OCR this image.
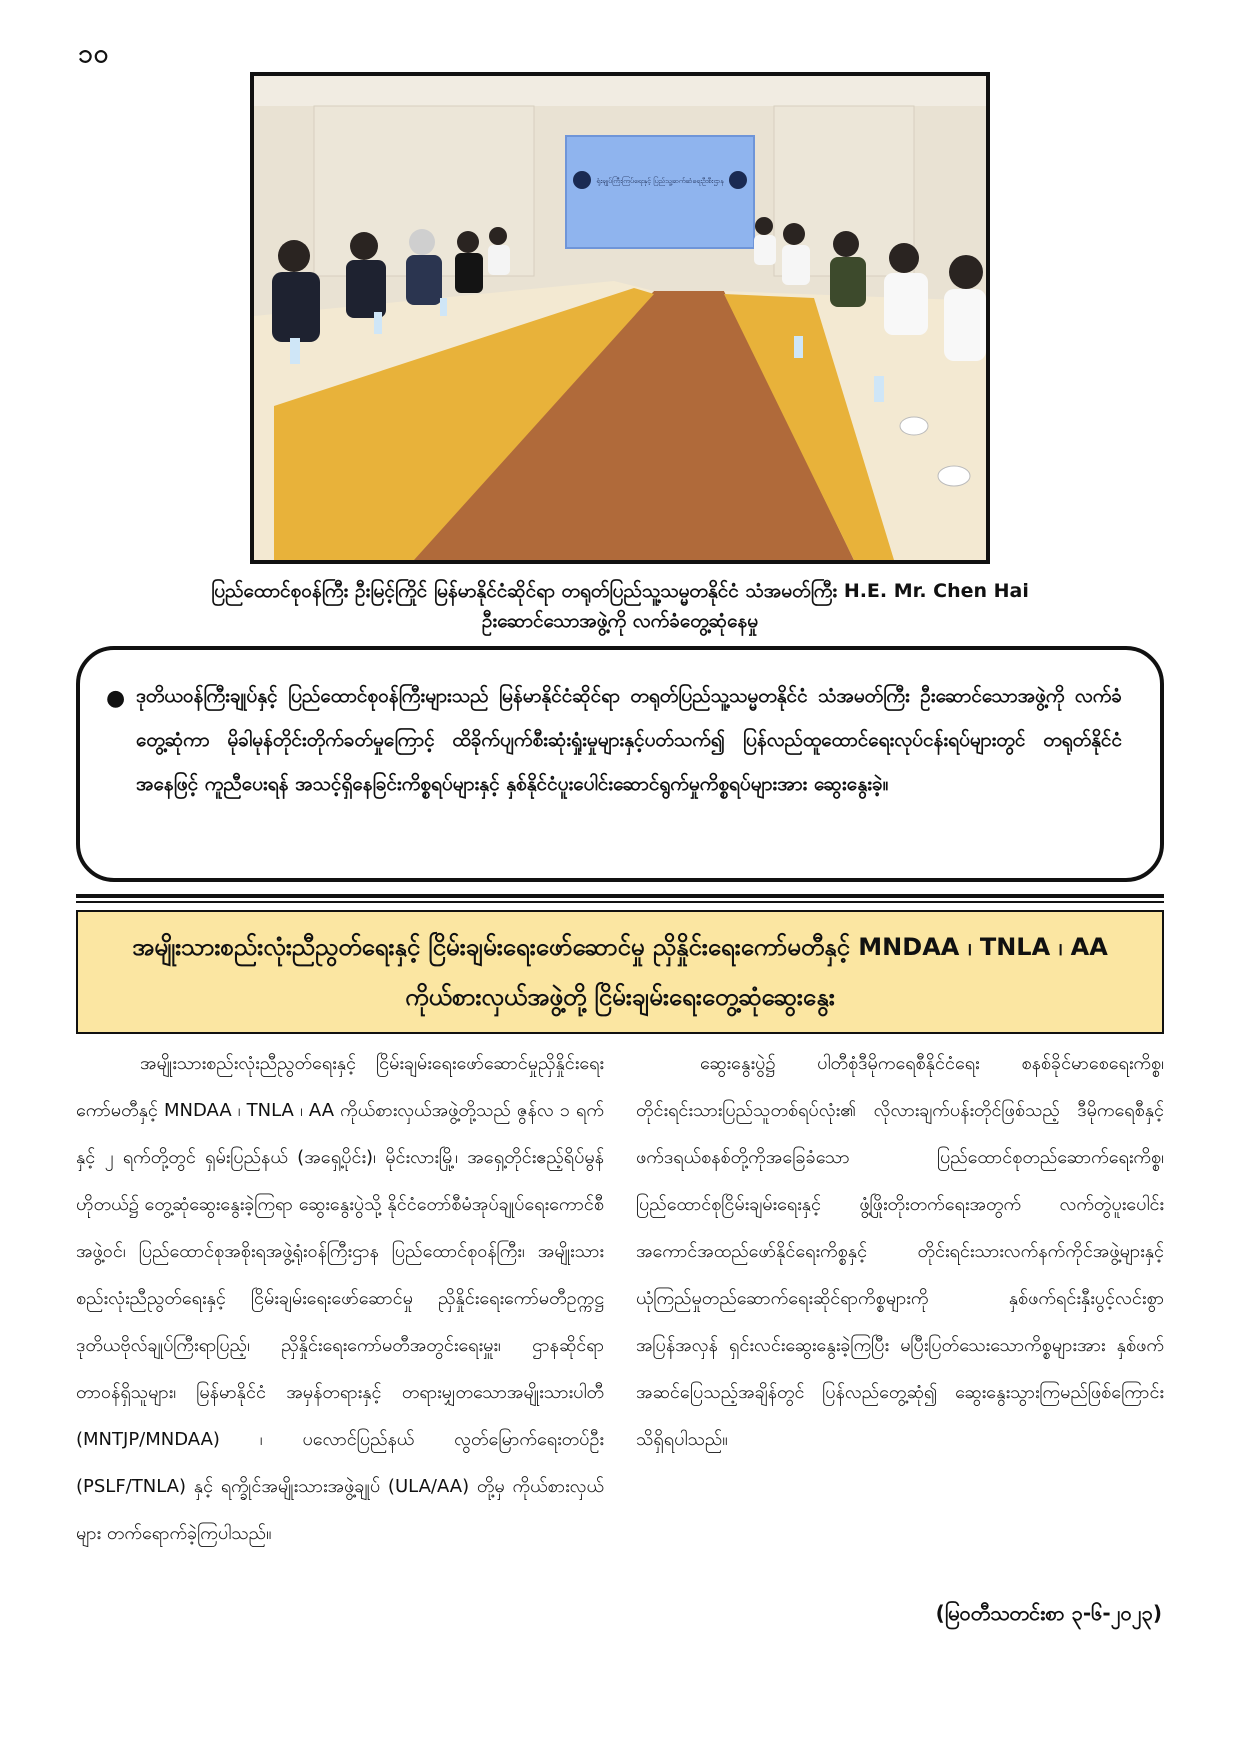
၁၀
ရုံးချုပ်ကြီးကြပ်ရေးနှင့် ပြည်သူ့ဆက်ဆံရေးဦးစီးဌာန
ပြည်ထောင်စုဝန်ကြီး ဦးမြင့်ကြိုင် မြန်မာနိုင်ငံဆိုင်ရာ တရုတ်ပြည်သူ့သမ္မတနိုင်ငံ သံအမတ်ကြီး H.E. Mr. Chen Hai
ဦးဆောင်သောအဖွဲ့ကို လက်ခံတွေ့ဆုံနေမှု
● ဒုတိယဝန်ကြီးချုပ်နှင့် ပြည်ထောင်စုဝန်ကြီးများသည် မြန်မာနိုင်ငံဆိုင်ရာ တရုတ်ပြည်သူ့သမ္မတနိုင်ငံ သံအမတ်ကြီး ဦးဆောင်သောအဖွဲ့ကို လက်ခံတွေ့ဆုံကာ မိုခါမုန်တိုင်းတိုက်ခတ်မှုကြောင့် ထိခိုက်ပျက်စီးဆုံးရှုံးမှုများနှင့်ပတ်သက်၍ ပြန်လည်ထူထောင်ရေးလုပ်ငန်းရပ်များတွင် တရုတ်နိုင်ငံအနေဖြင့် ကူညီပေးရန် အသင့်ရှိနေခြင်းကိစ္စရပ်များနှင့် နှစ်နိုင်ငံပူးပေါင်းဆောင်ရွက်မှုကိစ္စရပ်များအား ဆွေးနွေးခဲ့။
အမျိုးသားစည်းလုံးညီညွတ်ရေးနှင့် ငြိမ်းချမ်းရေးဖော်ဆောင်မှု ညှိနှိုင်းရေးကော်မတီနှင့် MNDAA ၊ TNLA ၊ AA ကိုယ်စားလှယ်အဖွဲ့တို့ ငြိမ်းချမ်းရေးတွေ့ဆုံဆွေးနွေး

အမျိုးသားစည်းလုံးညီညွတ်ရေးနှင့် ငြိမ်းချမ်းရေးဖော်ဆောင်မှုညှိနှိုင်းရေးကော်မတီနှင့် MNDAA ၊ TNLA ၊ AA ကိုယ်စားလှယ်အဖွဲ့တို့သည် ဇွန်လ ၁ ရက်နှင့် ၂ ရက်တို့တွင် ရှမ်းပြည်နယ် (အရှေ့ပိုင်း)၊ မိုင်းလားမြို့၊ အရှေ့တိုင်းဧည့်ရိပ်မွန်ဟိုတယ်၌ တွေ့ဆုံဆွေးနွေးခဲ့ကြရာ ဆွေးနွေးပွဲသို့ နိုင်ငံတော်စီမံအုပ်ချုပ်ရေးကောင်စီအဖွဲ့ဝင်၊ ပြည်ထောင်စုအစိုးရအဖွဲ့ရုံးဝန်ကြီးဌာန ပြည်ထောင်စုဝန်ကြီး၊ အမျိုးသားစည်းလုံးညီညွတ်ရေးနှင့် ငြိမ်းချမ်းရေးဖော်ဆောင်မှု ညှိနှိုင်းရေးကော်မတီဥက္ကဋ္ဌ ဒုတိယဗိုလ်ချုပ်ကြီးရာပြည့်၊ ညှိနှိုင်းရေးကော်မတီအတွင်းရေးမှူး၊ ဌာနဆိုင်ရာတာဝန်ရှိသူများ၊ မြန်မာနိုင်ငံ အမှန်တရားနှင့် တရားမျှတသောအမျိုးသားပါတီ (MNTJP/MNDAA) ၊ ပလောင်ပြည်နယ် လွတ်မြောက်ရေးတပ်ဦး (PSLF/TNLA) နှင့် ရက္ခိုင်အမျိုးသားအဖွဲ့ချုပ် (ULA/AA) တို့မှ ကိုယ်စားလှယ်များ တက်ရောက်ခဲ့ကြပါသည်။

ဆွေးနွေးပွဲ၌ ပါတီစုံဒီမိုကရေစီနိုင်ငံရေး စနစ်ခိုင်မာစေရေးကိစ္စ၊ တိုင်းရင်းသားပြည်သူတစ်ရပ်လုံး၏ လိုလားချက်ပန်းတိုင်ဖြစ်သည့် ဒီမိုကရေစီနှင့်ဖက်ဒရယ်စနစ်တို့ကိုအခြေခံသော ပြည်ထောင်စုတည်ဆောက်ရေးကိစ္စ၊ ပြည်ထောင်စုငြိမ်းချမ်းရေးနှင့် ဖွံ့ဖြိုးတိုးတက်ရေးအတွက် လက်တွဲပူးပေါင်းအကောင်အထည်ဖော်နိုင်ရေးကိစ္စနှင့် တိုင်းရင်းသားလက်နက်ကိုင်အဖွဲ့များနှင့် ယုံကြည်မှုတည်ဆောက်ရေးဆိုင်ရာကိစ္စများကို နှစ်ဖက်ရင်းနှီးပွင့်လင်းစွာ အပြန်အလှန် ရှင်းလင်းဆွေးနွေးခဲ့ကြပြီး မပြီးပြတ်သေးသောကိစ္စများအား နှစ်ဖက်အဆင်ပြေသည့်အချိန်တွင် ပြန်လည်တွေ့ဆုံ၍ ဆွေးနွေးသွားကြမည်ဖြစ်ကြောင်း သိရှိရပါသည်။

(မြဝတီသတင်းစာ ၃-၆-၂၀၂၃)
